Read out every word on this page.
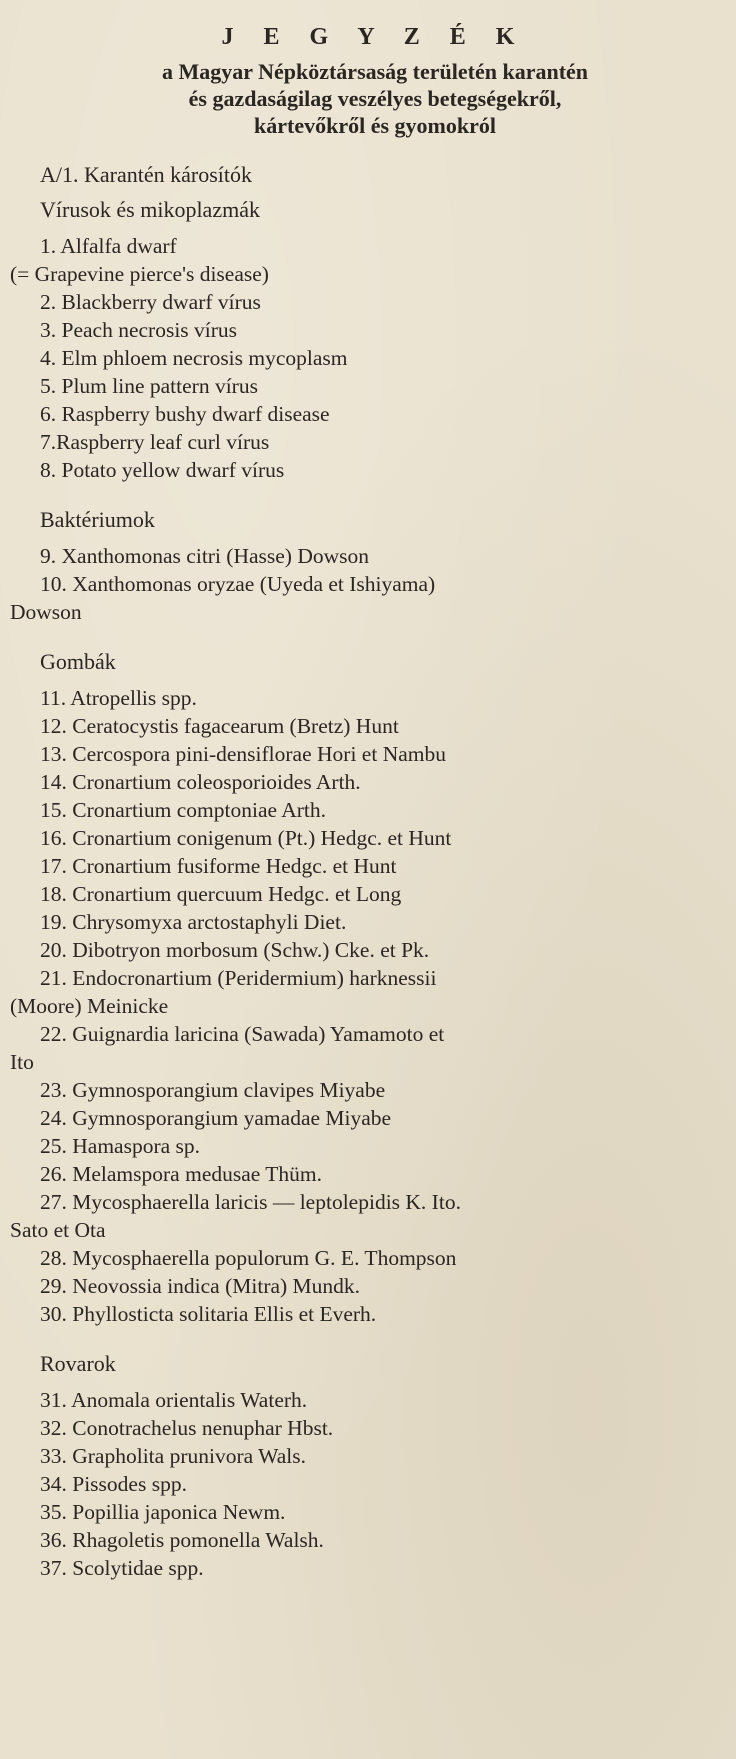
J E G Y Z É K
a Magyar Népköztársaság területén karantén
és gazdaságilag veszélyes betegségekről,
kártevőkről és gyomokról
A/1. Karantén károsítók
Vírusok és mikoplazmák
1. Alfalfa dwarf
(= Grapevine pierce's disease)
2. Blackberry dwarf vírus
3. Peach necrosis vírus
4. Elm phloem necrosis mycoplasm
5. Plum line pattern vírus
6. Raspberry bushy dwarf disease
7.Raspberry leaf curl vírus
8. Potato yellow dwarf vírus
Baktériumok
9. Xanthomonas citri (Hasse) Dowson
10. Xanthomonas oryzae (Uyeda et Ishiyama)
Dowson
Gombák
11. Atropellis spp.
12. Ceratocystis fagacearum (Bretz) Hunt
13. Cercospora pini-densiflorae Hori et Nambu
14. Cronartium coleosporioides Arth.
15. Cronartium comptoniae Arth.
16. Cronartium conigenum (Pt.) Hedgc. et Hunt
17. Cronartium fusiforme Hedgc. et Hunt
18. Cronartium quercuum Hedgc. et Long
19. Chrysomyxa arctostaphyli Diet.
20. Dibotryon morbosum (Schw.) Cke. et Pk.
21. Endocronartium (Peridermium) harknessii
(Moore) Meinicke
22. Guignardia laricina (Sawada) Yamamoto et
Ito
23. Gymnosporangium clavipes Miyabe
24. Gymnosporangium yamadae Miyabe
25. Hamaspora sp.
26. Melamspora medusae Thüm.
27. Mycosphaerella laricis — leptolepidis K. Ito.
Sato et Ota
28. Mycosphaerella populorum G. E. Thompson
29. Neovossia indica (Mitra) Mundk.
30. Phyllosticta solitaria Ellis et Everh.
Rovarok
31. Anomala orientalis Waterh.
32. Conotrachelus nenuphar Hbst.
33. Grapholita prunivora Wals.
34. Pissodes spp.
35. Popillia japonica Newm.
36. Rhagoletis pomonella Walsh.
37. Scolytidae spp.
